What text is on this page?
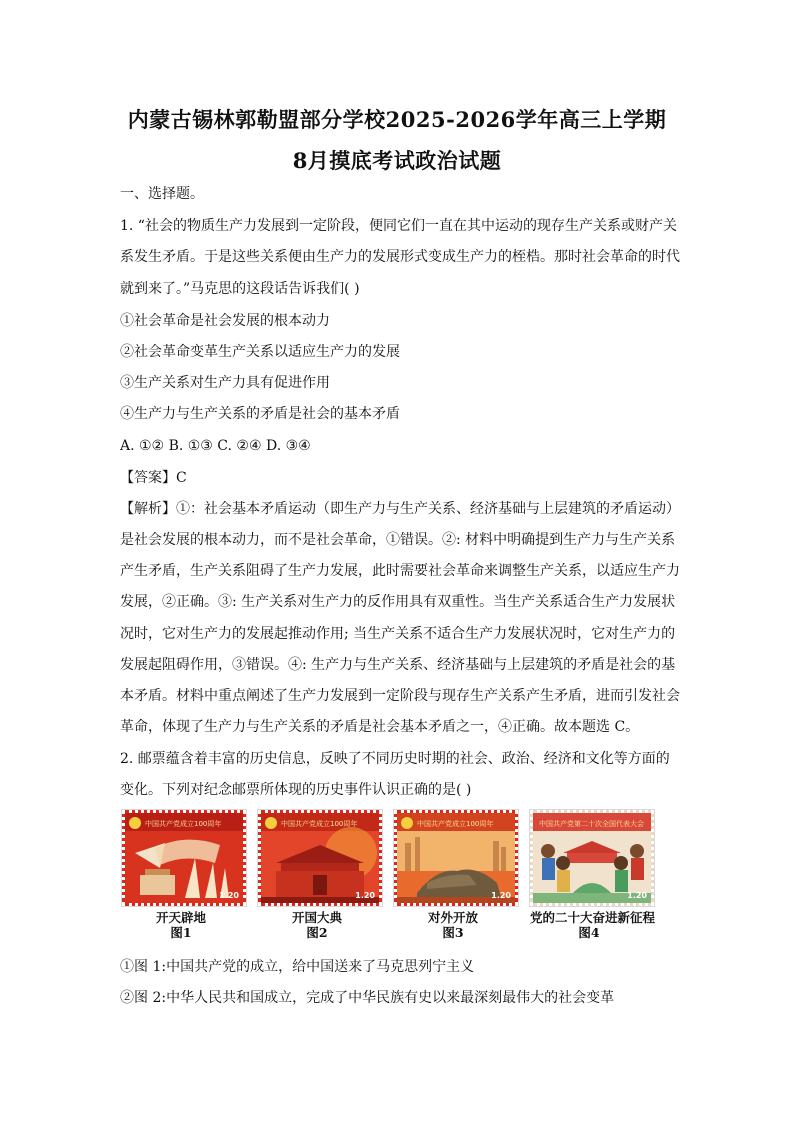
内蒙古锡林郭勒盟部分学校2025-2026学年高三上学期
8月摸底考试政治试题
一、选择题。
1. “社会的物质生产力发展到一定阶段，便同它们一直在其中运动的现存生产关系或财产关
系发生矛盾。于是这些关系便由生产力的发展形式变成生产力的桎梏。那时社会革命的时代
就到来了。”马克思的这段话告诉我们( )
①社会革命是社会发展的根本动力
②社会革命变革生产关系以适应生产力的发展
③生产关系对生产力具有促进作用
④生产力与生产关系的矛盾是社会的基本矛盾
A. ①② B. ①③ C. ②④ D. ③④
【答案】C
【解析】①：社会基本矛盾运动（即生产力与生产关系、经济基础与上层建筑的矛盾运动）
是社会发展的根本动力，而不是社会革命，①错误。②: 材料中明确提到生产力与生产关系
产生矛盾，生产关系阻碍了生产力发展，此时需要社会革命来调整生产关系，以适应生产力
发展，②正确。③: 生产关系对生产力的反作用具有双重性。当生产关系适合生产力发展状
况时，它对生产力的发展起推动作用; 当生产关系不适合生产力发展状况时，它对生产力的
发展起阻碍作用，③错误。④: 生产力与生产关系、经济基础与上层建筑的矛盾是社会的基
本矛盾。材料中重点阐述了生产力发展到一定阶段与现存生产关系产生矛盾，进而引发社会
革命，体现了生产力与生产关系的矛盾是社会基本矛盾之一，④正确。故本题选 C。
2. 邮票蕴含着丰富的历史信息，反映了不同历史时期的社会、政治、经济和文化等方面的
变化。下列对纪念邮票所体现的历史事件认识正确的是( )
中国共产党成立100周年
1.20
开天辟地
图1
中国共产党成立100周年
1.20
开国大典
图2
中国共产党成立100周年
1.20
对外开放
图3
中国共产党第二十次全国代表大会
1.20
党的二十大奋进新征程
图4
①图 1:中国共产党的成立，给中国送来了马克思列宁主义
②图 2:中华人民共和国成立，完成了中华民族有史以来最深刻最伟大的社会变革
